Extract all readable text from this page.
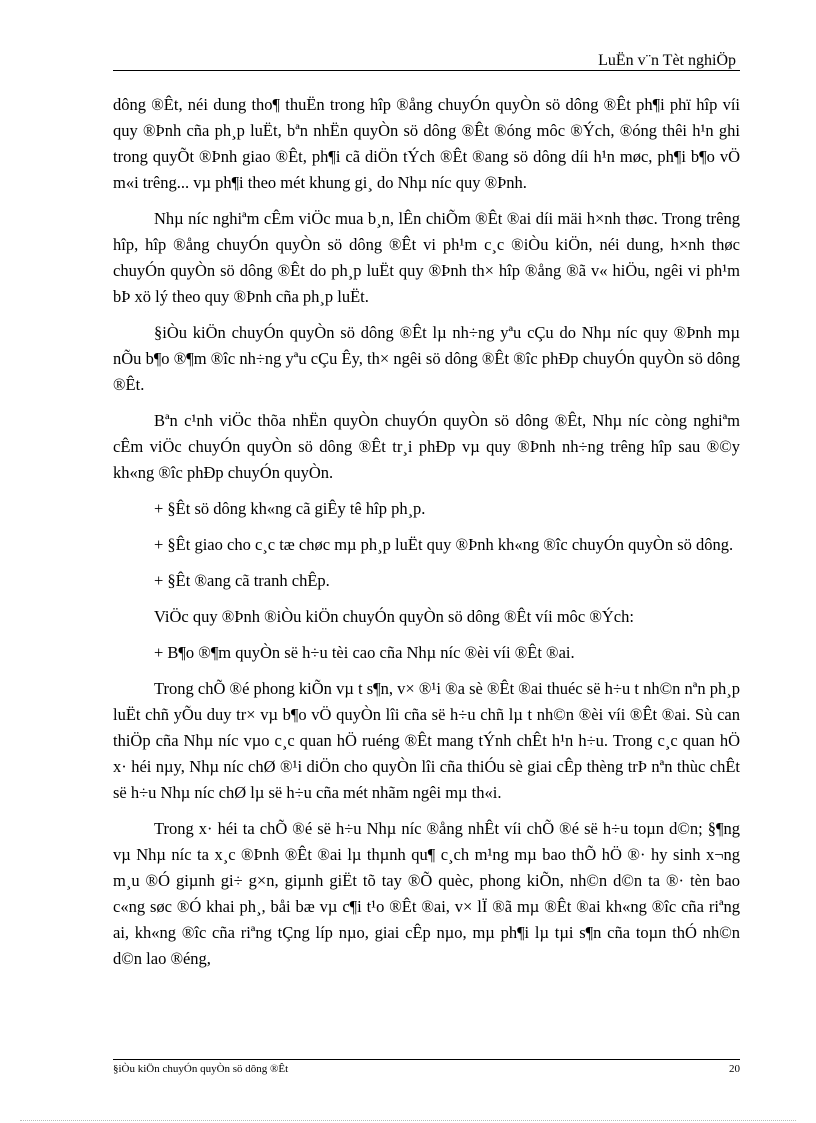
LuËn v¨n Tèt nghiÖp

dông ®Êt, néi dung tho¶ thuËn trong hîp ®ång chuyÓn quyÒn sö dông ®Êt ph¶i phï hîp víi quy ®Þnh cña ph¸p luËt, bªn nhËn quyÒn sö dông ®Êt ®óng môc ®Ých, ®óng thêi h¹n ghi trong quyÕt ®Þnh giao ®Êt, ph¶i cã diÖn tÝch ®Êt ®ang sö dông díi h¹n møc, ph¶i b¶o vÖ m«i trêng... vµ ph¶i theo mét khung gi¸ do Nhµ níc quy ®Þnh.

Nhµ níc nghiªm cÊm viÖc mua b¸n, lÊn chiÕm ®Êt ®ai díi mäi h×nh thøc. Trong trêng hîp, hîp ®ång chuyÓn quyÒn sö dông ®Êt vi ph¹m c¸c ®iÒu kiÖn, néi dung, h×nh thøc chuyÓn quyÒn sö dông ®Êt do ph¸p luËt quy ®Þnh th× hîp ®ång ®ã v« hiÖu, ngêi vi ph¹m bÞ xö lý theo quy ®Þnh cña ph¸p luËt.

§iÒu kiÖn chuyÓn quyÒn sö dông ®Êt lµ nh÷ng yªu cÇu do Nhµ níc quy ®Þnh mµ nÕu b¶o ®¶m ®îc nh÷ng yªu cÇu Êy, th× ngêi sö dông ®Êt ®îc phÐp chuyÓn quyÒn sö dông ®Êt.

Bªn c¹nh viÖc thõa nhËn quyÒn chuyÓn quyÒn sö dông ®Êt, Nhµ níc còng nghiªm cÊm viÖc chuyÓn quyÒn sö dông ®Êt tr¸i phÐp vµ quy ®Þnh nh÷ng trêng hîp sau ®©y kh«ng ®îc phÐp chuyÓn quyÒn.

+ §Êt sö dông kh«ng cã giÊy tê hîp ph¸p.

+ §Êt giao cho c¸c tæ chøc mµ ph¸p luËt quy ®Þnh kh«ng ®îc chuyÓn quyÒn sö dông.

+ §Êt ®ang cã tranh chÊp.

ViÖc quy ®Þnh ®iÒu kiÖn chuyÓn quyÒn sö dông ®Êt víi môc ®Ých:

+ B¶o ®¶m quyÒn së h÷u tèi cao cña Nhµ níc ®èi víi ®Êt ®ai.

Trong chÕ ®é phong kiÕn vµ t s¶n, v× ®¹i ®a sè ®Êt ®ai thuéc së h÷u t nh©n nªn ph¸p luËt chñ yÕu duy tr× vµ b¶o vÖ quyÒn lîi cña së h÷u chñ lµ t nh©n ®èi víi ®Êt ®ai. Sù can thiÖp cña Nhµ níc vµo c¸c quan hÖ ruéng ®Êt mang tÝnh chÊt h¹n h÷u. Trong c¸c quan hÖ x· héi nµy, Nhµ níc chØ ®¹i diÖn cho quyÒn lîi cña thiÓu sè giai cÊp thèng trÞ nªn thùc chÊt së h÷u Nhµ níc chØ lµ së h÷u cña mét nhãm ngêi mµ th«i.

Trong x· héi ta chÕ ®é së h÷u Nhµ níc ®ång nhÊt víi chÕ ®é së h÷u toµn d©n; §¶ng vµ Nhµ níc ta x¸c ®Þnh ®Êt ®ai lµ thµnh qu¶ c¸ch m¹ng mµ bao thÕ hÖ ®· hy sinh x¬ng m¸u ®Ó giµnh gi÷ g×n, giµnh giËt tõ tay ®Õ quèc, phong kiÕn, nh©n d©n ta ®· tèn bao c«ng søc ®Ó khai ph¸, båi bæ vµ c¶i t¹o ®Êt ®ai, v× lÏ ®ã mµ ®Êt ®ai kh«ng ®îc cña riªng ai, kh«ng ®îc cña riªng tÇng líp nµo, giai cÊp nµo, mµ ph¶i lµ tµi s¶n cña toµn thÓ nh©n d©n lao ®éng,

§iÒu kiÖn chuyÓn quyÒn sö dông ®Êt	20
